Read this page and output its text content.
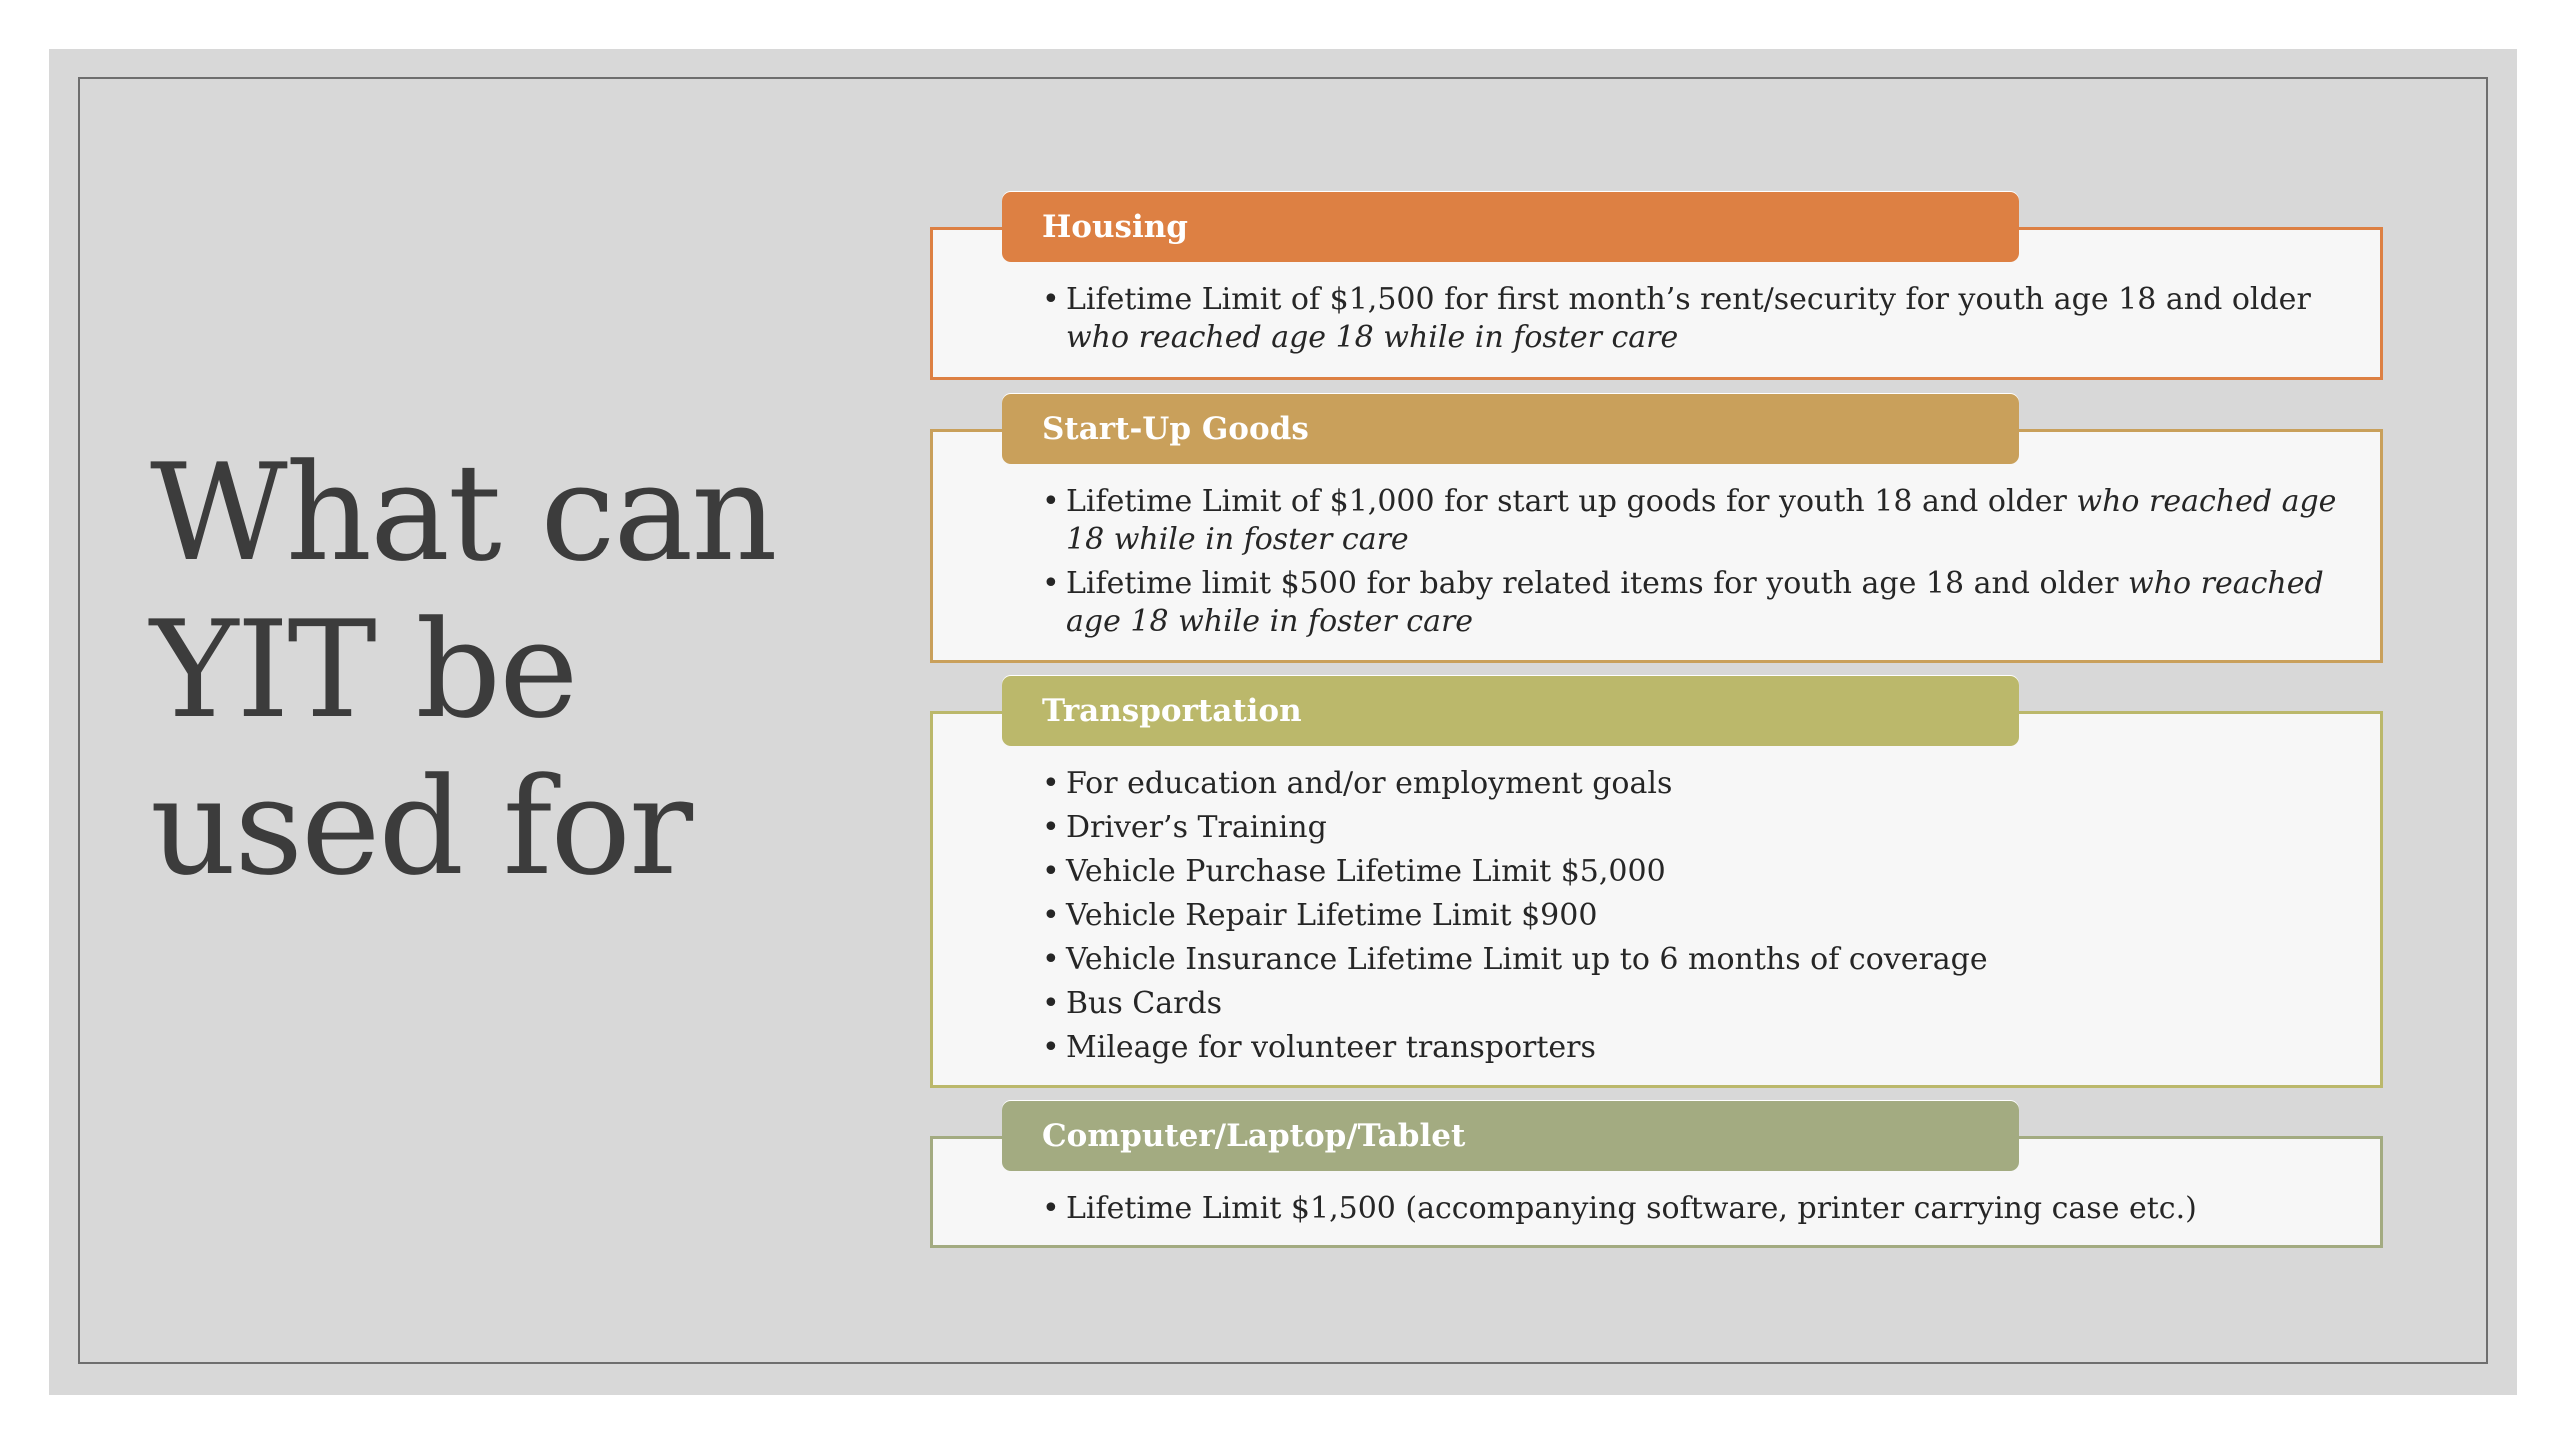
What can
YIT be
used for
Housing
• Lifetime Limit of $1,500 for first month’s rent/security for youth age 18 and older who reached age 18 while in foster care
Start-Up Goods
• Lifetime Limit of $1,000 for start up goods for youth 18 and older who reached age 18 while in foster care
• Lifetime limit $500 for baby related items for youth age 18 and older who reached age 18 while in foster care
Transportation
• For education and/or employment goals
• Driver’s Training
• Vehicle Purchase Lifetime Limit $5,000
• Vehicle Repair Lifetime Limit $900
• Vehicle Insurance Lifetime Limit up to 6 months of coverage
• Bus Cards
• Mileage for volunteer transporters
Computer/Laptop/Tablet
• Lifetime Limit $1,500 (accompanying software, printer carrying case etc.)
